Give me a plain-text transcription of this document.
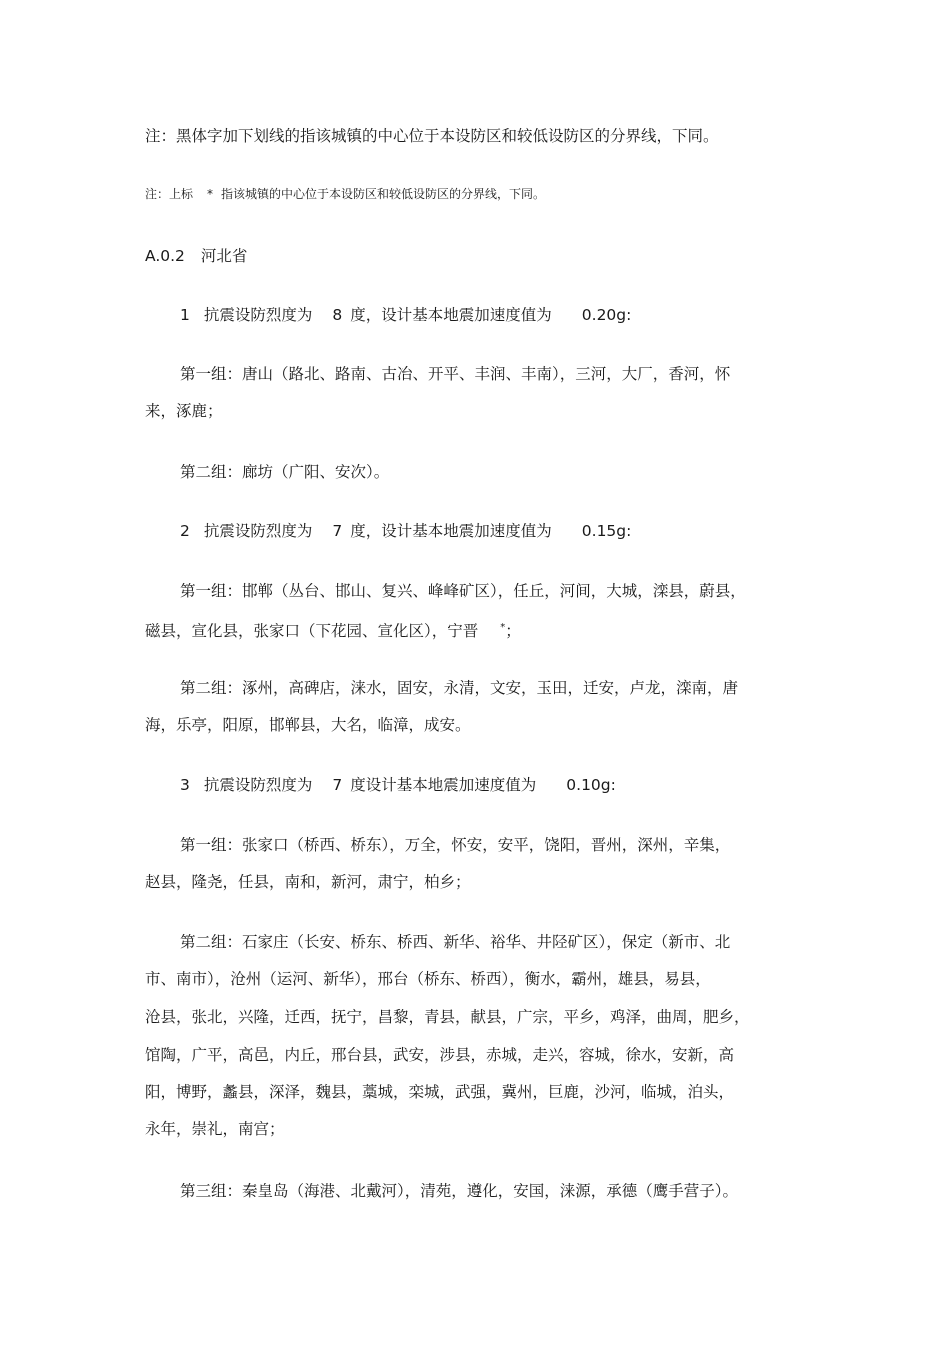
注：黑体字加下划线的指该城镇的中心位于本设防区和较低设防区的分界线，下同。
注：上标 * 指该城镇的中心位于本设防区和较低设防区的分界线，下同。
A.0.2 河北省
1 抗震设防烈度为 8 度，设计基本地震加速度值为 0.20g:
第一组：唐山（路北、路南、古冶、开平、丰润、丰南），三河，大厂，香河，怀
来，涿鹿；
第二组：廊坊（广阳、安次）。
2 抗震设防烈度为 7 度，设计基本地震加速度值为 0.15g:
第一组：邯郸（丛台、邯山、复兴、峰峰矿区），任丘，河间，大城，滦县，蔚县，
磁县，宣化县，张家口（下花园、宣化区），宁晋 *；
第二组：涿州，高碑店，涞水，固安，永清，文安，玉田，迁安，卢龙，滦南，唐
海，乐亭，阳原，邯郸县，大名，临漳，成安。
3 抗震设防烈度为 7 度设计基本地震加速度值为 0.10g:
第一组：张家口（桥西、桥东），万全，怀安，安平，饶阳，晋州，深州，辛集，
赵县，隆尧，任县，南和，新河，肃宁，柏乡；
第二组：石家庄（长安、桥东、桥西、新华、裕华、井陉矿区），保定（新市、北
市、南市），沧州（运河、新华），邢台（桥东、桥西），衡水，霸州，雄县，易县，
沧县，张北，兴隆，迁西，抚宁，昌黎，青县，献县，广宗，平乡，鸡泽，曲周，肥乡，
馆陶，广平，高邑，内丘，邢台县，武安，涉县，赤城，走兴，容城，徐水，安新，高
阳，博野，蠡县，深泽，魏县，藁城，栾城，武强，冀州，巨鹿，沙河，临城，泊头，
永年，崇礼，南宫；
第三组：秦皇岛（海港、北戴河），清苑，遵化，安国，涞源，承德（鹰手营子）。
